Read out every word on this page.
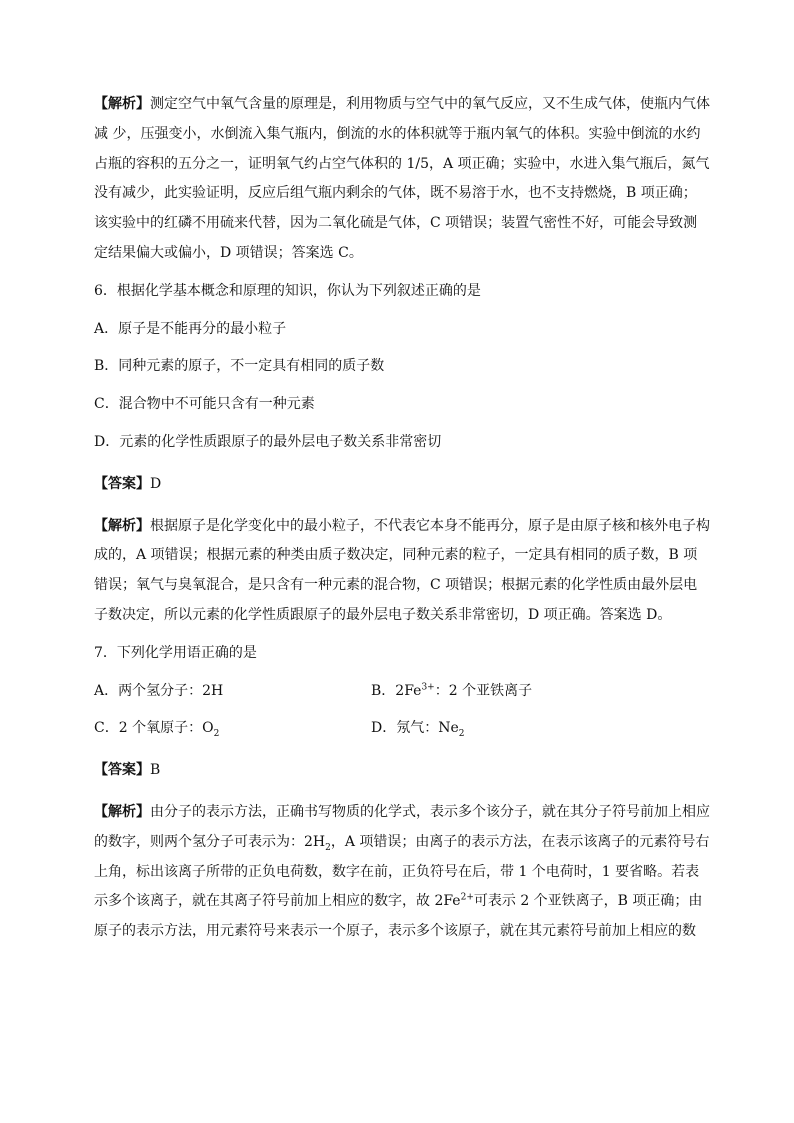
【解析】测定空气中氧气含量的原理是，利用物质与空气中的氧气反应，又不生成气体，使瓶内气体减 少，压强变小，水倒流入集气瓶内，倒流的水的体积就等于瓶内氧气的体积。实验中倒流的水约占瓶的容积的五分之一，证明氧气约占空气体积的 1/5，A 项正确；实验中，水进入集气瓶后，氮气没有减少，此实验证明，反应后组气瓶内剩余的气体，既不易溶于水，也不支持燃烧，B 项正确；该实验中的红磷不用硫来代替，因为二氧化硫是气体，C 项错误；装置气密性不好，可能会导致测定结果偏大或偏小，D 项错误；答案选 C。

6．根据化学基本概念和原理的知识，你认为下列叙述正确的是

A．原子是不能再分的最小粒子

B．同种元素的原子，不一定具有相同的质子数

C．混合物中不可能只含有一种元素

D．元素的化学性质跟原子的最外层电子数关系非常密切

【答案】D

【解析】根据原子是化学变化中的最小粒子，不代表它本身不能再分，原子是由原子核和核外电子构成的，A 项错误；根据元素的种类由质子数决定，同种元素的粒子，一定具有相同的质子数，B 项错误；氧气与臭氧混合，是只含有一种元素的混合物，C 项错误；根据元素的化学性质由最外层电子数决定，所以元素的化学性质跟原子的最外层电子数关系非常密切，D 项正确。答案选 D。

7．下列化学用语正确的是

A．两个氢分子：2H	B．$2Fe^{3+}$：2 个亚铁离子
C．2 个氧原子：$O_2$	D．氖气：$Ne_2$

【答案】B

【解析】由分子的表示方法，正确书写物质的化学式，表示多个该分子，就在其分子符号前加上相应的数字，则两个氢分子可表示为：$2H_2$，A 项错误；由离子的表示方法，在表示该离子的元素符号右上角，标出该离子所带的正负电荷数，数字在前，正负符号在后，带 1 个电荷时，1 要省略。若表示多个该离子，就在其离子符号前加上相应的数字，故 $2Fe^{2+}$可表示 2 个亚铁离子，B 项正确；由原子的表示方法，用元素符号来表示一个原子，表示多个该原子，就在其元素符号前加上相应的数
